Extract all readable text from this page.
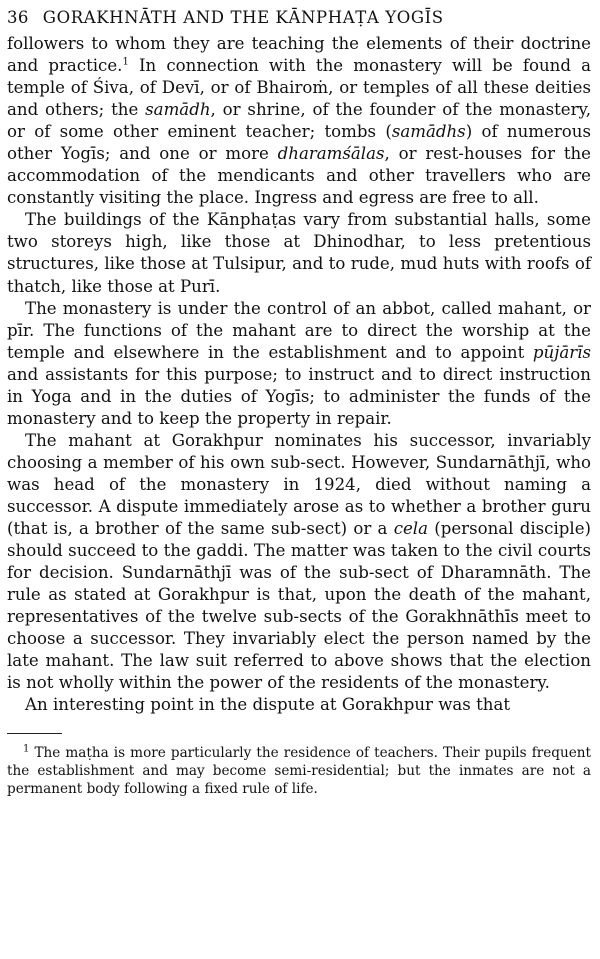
36 GORAKHNĀTH AND THE KĀNPHAṬA YOGĪS

followers to whom they are teaching the elements of their doctrine and practice.$^1$ In connection with the monastery will be found a temple of Śiva, of Devī, or of Bhairoṁ, or temples of all these deities and others; the samādh, or shrine, of the founder of the monastery, or of some other eminent teacher; tombs (samādhs) of numerous other Yogīs; and one or more dharamśālas, or rest-houses for the accommodation of the mendicants and other travellers who are constantly visiting the place. Ingress and egress are free to all.

The buildings of the Kānphaṭas vary from substantial halls, some two storeys high, like those at Dhinodhar, to less pretentious structures, like those at Tulsipur, and to rude, mud huts with roofs of thatch, like those at Purī.

The monastery is under the control of an abbot, called mahant, or pīr. The functions of the mahant are to direct the worship at the temple and elsewhere in the establishment and to appoint pūjārīs and assistants for this purpose; to instruct and to direct instruction in Yoga and in the duties of Yogīs; to administer the funds of the monastery and to keep the property in repair.

The mahant at Gorakhpur nominates his successor, invariably choosing a member of his own sub-sect. However, Sundarnāthjī, who was head of the monastery in 1924, died without naming a successor. A dispute immediately arose as to whether a brother guru (that is, a brother of the same sub-sect) or a cela (personal disciple) should succeed to the gaddi. The matter was taken to the civil courts for decision. Sundarnāthjī was of the sub-sect of Dharamnāth. The rule as stated at Gorakhpur is that, upon the death of the mahant, representatives of the twelve sub-sects of the Gorakhnāthīs meet to choose a successor. They invariably elect the person named by the late mahant. The law suit referred to above shows that the election is not wholly within the power of the residents of the monastery.

An interesting point in the dispute at Gorakhpur was that

$^1$ The maṭha is more particularly the residence of teachers. Their pupils frequent the establishment and may become semi-residential; but the inmates are not a permanent body following a fixed rule of life.
